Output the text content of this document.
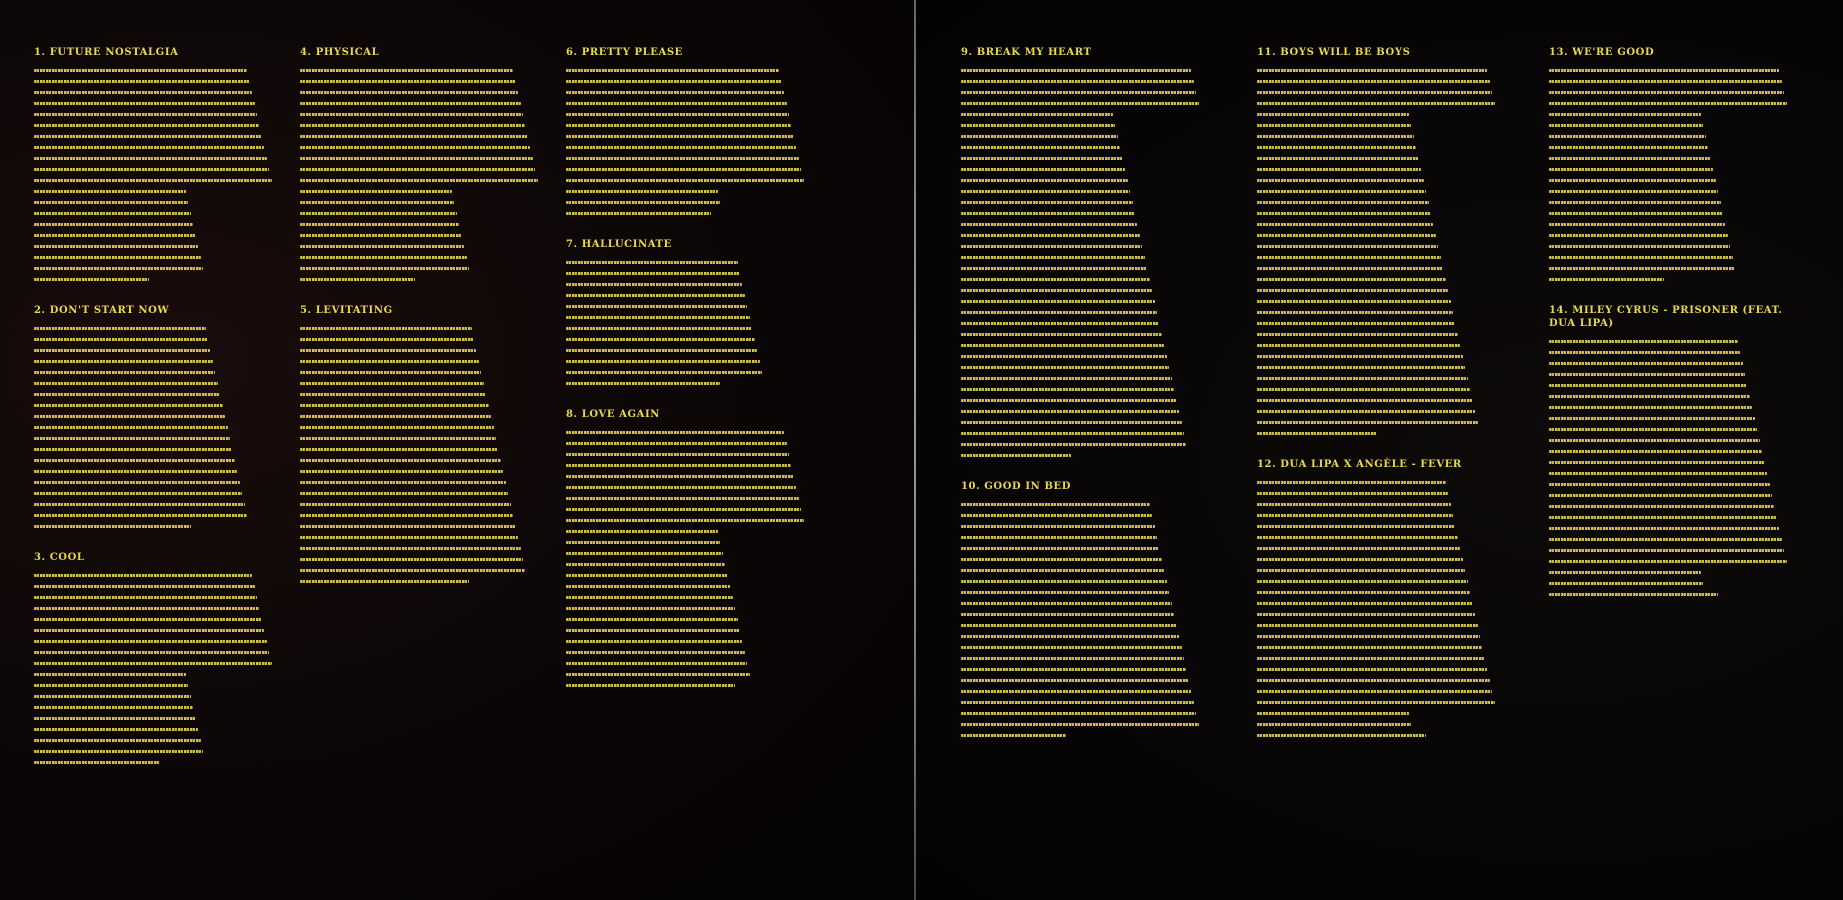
1. FUTURE NOSTALGIA
2. DON'T START NOW
3. COOL
4. PHYSICAL
5. LEVITATING
6. PRETTY PLEASE
7. HALLUCINATE
8. LOVE AGAIN
9. BREAK MY HEART
10. GOOD IN BED
11. BOYS WILL BE BOYS
12. DUA LIPA X ANGÈLE - FEVER
13. WE'RE GOOD
14. MILEY CYRUS - PRISONER (FEAT. DUA LIPA)
